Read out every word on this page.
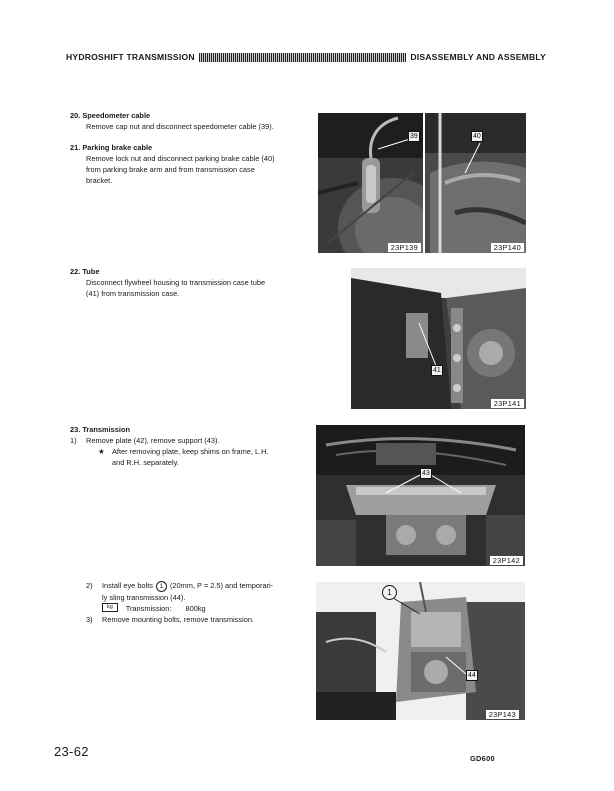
HYDROSHIFT TRANSMISSION	DISASSEMBLY AND ASSEMBLY
20. Speedometer cable
Remove cap nut and disconnect speedometer cable (39).
21. Parking brake cable
Remove lock nut and disconnect parking brake cable (40)
from parking brake arm and from transmission case
bracket.
22. Tube
Disconnect flywheel housing to transmission case tube
(41) from transmission case.
23. Transmission
1)	Remove plate (42), remove support (43).
★ After removing plate, keep shims on frame, L.H.
and R.H. separately.
2)	Install eye bolts 1 (20mm, P = 2.5) and temporari-
ly sling transmission (44).
kg Transmission: 800kg
3)	Remove mounting bolts, remove transmission.
39
23P139
40
23P140
41
23P141
43
23P142
1
44
23P143
23-62	GD600
